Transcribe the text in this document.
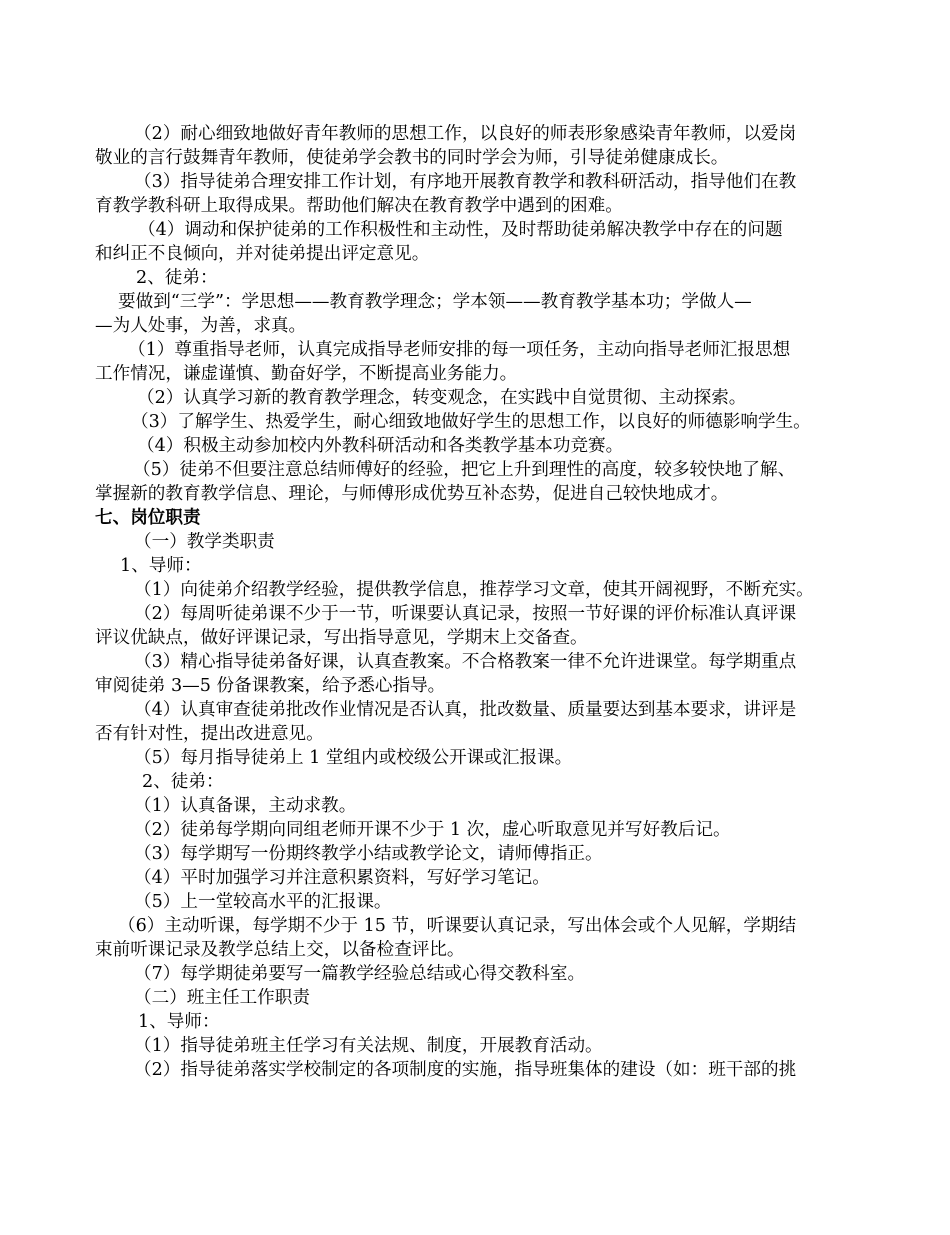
（2）耐心细致地做好青年教师的思想工作，以良好的师表形象感染青年教师，以爱岗
敬业的言行鼓舞青年教师，使徒弟学会教书的同时学会为师，引导徒弟健康成长。
（3）指导徒弟合理安排工作计划，有序地开展教育教学和教科研活动，指导他们在教
育教学教科研上取得成果。帮助他们解决在教育教学中遇到的困难。
（4）调动和保护徒弟的工作积极性和主动性，及时帮助徒弟解决教学中存在的问题
和纠正不良倾向，并对徒弟提出评定意见。
2、徒弟：
要做到“三学”：学思想——教育教学理念；学本领——教育教学基本功；学做人—
—为人处事，为善，求真。
（1）尊重指导老师，认真完成指导老师安排的每一项任务，主动向指导老师汇报思想
工作情况，谦虚谨慎、勤奋好学，不断提高业务能力。
（2）认真学习新的教育教学理念，转变观念，在实践中自觉贯彻、主动探索。
（3）了解学生、热爱学生，耐心细致地做好学生的思想工作，以良好的师德影响学生。
（4）积极主动参加校内外教科研活动和各类教学基本功竞赛。
（5）徒弟不但要注意总结师傅好的经验，把它上升到理性的高度，较多较快地了解、
掌握新的教育教学信息、理论，与师傅形成优势互补态势，促进自己较快地成才。
七、岗位职责
（一）教学类职责
1、导师：
（1）向徒弟介绍教学经验，提供教学信息，推荐学习文章，使其开阔视野，不断充实。
（2）每周听徒弟课不少于一节，听课要认真记录，按照一节好课的评价标准认真评课
评议优缺点，做好评课记录，写出指导意见，学期末上交备查。
（3）精心指导徒弟备好课，认真查教案。不合格教案一律不允许进课堂。每学期重点
审阅徒弟 3—5 份备课教案，给予悉心指导。
（4）认真审查徒弟批改作业情况是否认真，批改数量、质量要达到基本要求，讲评是
否有针对性，提出改进意见。
（5）每月指导徒弟上 1 堂组内或校级公开课或汇报课。
2、徒弟：
（1）认真备课，主动求教。
（2）徒弟每学期向同组老师开课不少于 1 次，虚心听取意见并写好教后记。
（3）每学期写一份期终教学小结或教学论文，请师傅指正。
（4）平时加强学习并注意积累资料，写好学习笔记。
（5）上一堂较高水平的汇报课。
（6）主动听课，每学期不少于 15 节，听课要认真记录，写出体会或个人见解，学期结
束前听课记录及教学总结上交，以备检查评比。
（7）每学期徒弟要写一篇教学经验总结或心得交教科室。
（二）班主任工作职责
1、导师：
（1）指导徒弟班主任学习有关法规、制度，开展教育活动。
（2）指导徒弟落实学校制定的各项制度的实施，指导班集体的建设（如：班干部的挑
